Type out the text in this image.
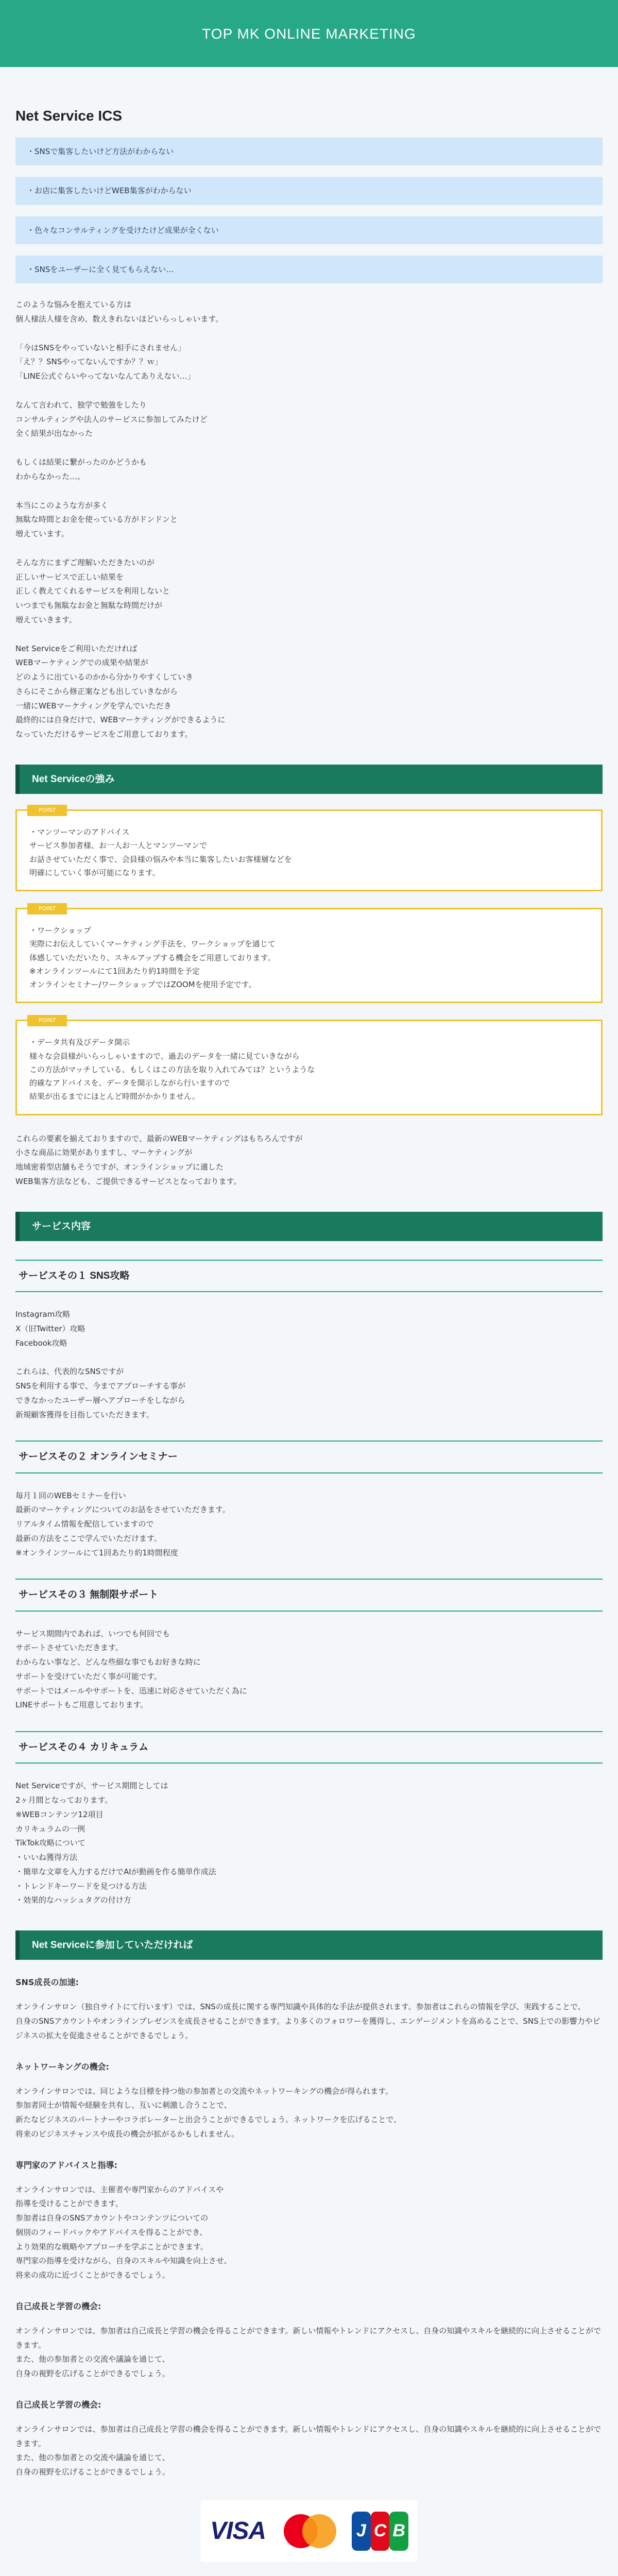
TOP MK ONLINE MARKETING
Net Service ICS
・SNSで集客したいけど方法がわからない
・お店に集客したいけどWEB集客がわからない
・色々なコンサルティングを受けたけど成果が全くない
・SNSをユーザーに全く見てもらえない…

このような悩みを抱えている方は
個人様法人様を含め、数えきれないほどいらっしゃいます。

「今はSNSをやっていないと相手にされません」
「え？？SNSやってないんですか？？ｗ」
「LINE公式ぐらいやってないなんてありえない…」

なんて言われて、独学で勉強をしたり
コンサルティングや法人のサービスに参加してみたけど
全く結果が出なかった

もしくは結果に繋がったのかどうかも
わからなかった…。

本当にこのような方が多く
無駄な時間とお金を使っている方がドンドンと
増えています。

そんな方にまずご理解いただきたいのが
正しいサービスで正しい結果を
正しく教えてくれるサービスを利用しないと
いつまでも無駄なお金と無駄な時間だけが
増えていきます。

Net Serviceをご利用いただければ
WEBマーケティングでの成果や結果が
どのように出ているのかから分かりやすくしていき
さらにそこから修正案なども出していきながら
一緒にWEBマーケティングを学んでいただき
最終的には自身だけで、WEBマーケティングができるように
なっていただけるサービスをご用意しております。

Net Serviceの強み
POINT
・マンツーマンのアドバイス
サービス参加者様、お一人お一人とマンツーマンで
お話させていただく事で、会員様の悩みや本当に集客したいお客様層などを
明確にしていく事が可能になります。
POINT
・ワークショップ
実際にお伝えしていくマーケティング手法を、ワークショップを通じて
体感していただいたり、スキルアップする機会をご用意しております。
※オンラインツールにて1回あたり約1時間を予定
オンラインセミナー/ワークショップではZOOMを使用予定です。
POINT
・データ共有及びデータ開示
様々な会員様がいらっしゃいますので、過去のデータを一緒に見ていきながら
この方法がマッチしている、もしくはこの方法を取り入れてみては？というような
的確なアドバイスを、データを開示しながら行いますので
結果が出るまでにほとんど時間がかかりません。

これらの要素を揃えておりますので、最新のWEBマーケティングはもちろんですが
小さな商品に効果がありますし、マーケティングが
地域密着型店舗もそうですが、オンラインショップに適した
WEB集客方法なども、ご提供できるサービスとなっております。

サービス内容
サービスその１ SNS攻略

Instagram攻略
X（旧Twitter）攻略
Facebook攻略

これらは、代表的なSNSですが
SNSを利用する事で、今までアプローチする事が
できなかったユーザー層へアプローチをしながら
新規顧客獲得を目指していただきます。

サービスその２ オンラインセミナー

毎月１回のWEBセミナーを行い
最新のマーケティングについてのお話をさせていただきます。
リアルタイム情報を配信していますので
最新の方法をここで学んでいただけます。
※オンラインツールにて1回あたり約1時間程度

サービスその３ 無制限サポート

サービス期間内であれば、いつでも何回でも
サポートさせていただきます。
わからない事など、どんな些細な事でもお好きな時に
サポートを受けていただく事が可能です。
サポートではメールやサポートを、迅速に対応させていただく為に
LINEサポートもご用意しております。

サービスその４ カリキュラム

Net Serviceですが、サービス期間としては
2ヶ月間となっております。
※WEBコンテンツ12項目
カリキュラムの一例
TikTok攻略について
・いいね獲得方法
・簡単な文章を入力するだけでAIが動画を作る簡単作成法
・トレンドキーワードを見つける方法
・効果的なハッシュタグの付け方

Net Serviceに参加していただければ
SNS成長の加速:

オンラインサロン（独自サイトにて行います）では、SNSの成長に関する専門知識や具体的な手法が提供されます。参加者はこれらの情報を学び、実践することで、
自身のSNSアカウントやオンラインプレゼンスを成長させることができます。より多くのフォロワーを獲得し、エンゲージメントを高めることで、SNS上での影響力やビジネスの拡大を促進させることができるでしょう。

ネットワーキングの機会:

オンラインサロンでは、同じような目標を持つ他の参加者との交流やネットワーキングの機会が得られます。
参加者同士が情報や経験を共有し、互いに刺激し合うことで、
新たなビジネスのパートナーやコラボレーターと出会うことができるでしょう。ネットワークを広げることで、
将来のビジネスチャンスや成長の機会が拡がるかもしれません。

専門家のアドバイスと指導:

オンラインサロンでは、主催者や専門家からのアドバイスや
指導を受けることができます。
参加者は自身のSNSアカウントやコンテンツについての
個別のフィードバックやアドバイスを得ることができ、
より効果的な戦略やアプローチを学ぶことができます。
専門家の指導を受けながら、自身のスキルや知識を向上させ、
将来の成功に近づくことができるでしょう。

自己成長と学習の機会:

オンラインサロンでは、参加者は自己成長と学習の機会を得ることができます。新しい情報やトレンドにアクセスし、自身の知識やスキルを継続的に向上させることができます。
また、他の参加者との交流や議論を通じて、
自身の視野を広げることができるでしょう。

自己成長と学習の機会:

オンラインサロンでは、参加者は自己成長と学習の機会を得ることができます。新しい情報やトレンドにアクセスし、自身の知識やスキルを継続的に向上させることができます。
また、他の参加者との交流や議論を通じて、
自身の視野を広げることができるでしょう。

VISA	J C B
